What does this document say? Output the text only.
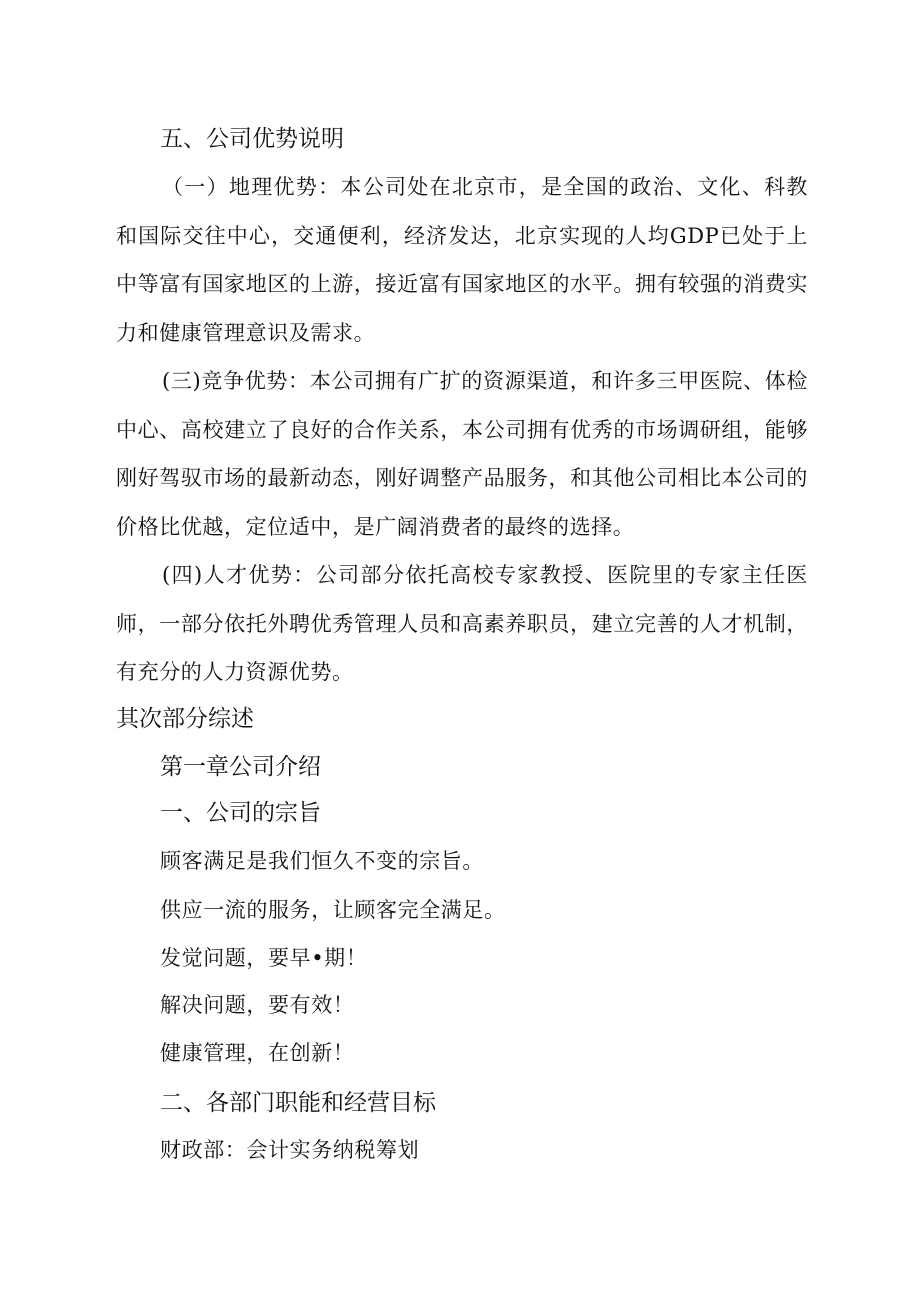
五、公司优势说明

（一）地理优势：本公司处在北京市，是全国的政治、文化、科教和国际交往中心，交通便利，经济发达，北京实现的人均GDP已处于上中等富有国家地区的上游，接近富有国家地区的水平。拥有较强的消费实力和健康管理意识及需求。

(三)竞争优势：本公司拥有广扩的资源渠道，和许多三甲医院、体检中心、高校建立了良好的合作关系，本公司拥有优秀的市场调研组，能够刚好驾驭市场的最新动态，刚好调整产品服务，和其他公司相比本公司的价格比优越，定位适中，是广阔消费者的最终的选择。

(四)人才优势：公司部分依托高校专家教授、医院里的专家主任医师，一部分依托外聘优秀管理人员和高素养职员，建立完善的人才机制，有充分的人力资源优势。

其次部分综述
第一章公司介绍
一、公司的宗旨
顾客满足是我们恒久不变的宗旨。
供应一流的服务，让顾客完全满足。
发觉问题，要早•期！
解决问题，要有效！
健康管理，在创新！
二、各部门职能和经营目标
财政部：会计实务纳税筹划
